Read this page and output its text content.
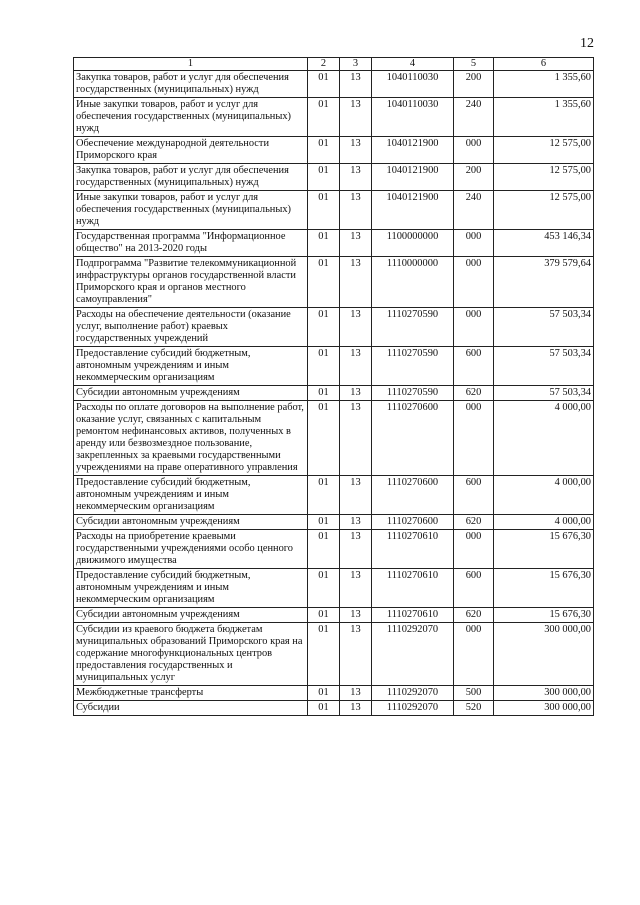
12
1	2	3	4	5	6
Закупка товаров, работ и услуг для обеспечения государственных (муниципальных) нужд	01	13	1040110030	200	1 355,60
Иные закупки товаров, работ и услуг для обеспечения государственных (муниципальных) нужд	01	13	1040110030	240	1 355,60
Обеспечение международной деятельности Приморского края	01	13	1040121900	000	12 575,00
Закупка товаров, работ и услуг для обеспечения государственных (муниципальных) нужд	01	13	1040121900	200	12 575,00
Иные закупки товаров, работ и услуг для обеспечения государственных (муниципальных) нужд	01	13	1040121900	240	12 575,00
Государственная программа "Информационное общество" на 2013-2020 годы	01	13	1100000000	000	453 146,34
Подпрограмма "Развитие телекоммуникационной инфраструктуры органов государственной власти Приморского края и органов местного самоуправления"	01	13	1110000000	000	379 579,64
Расходы на обеспечение деятельности (оказание услуг, выполнение работ) краевых государственных учреждений	01	13	1110270590	000	57 503,34
Предоставление субсидий бюджетным, автономным учреждениям и иным некоммерческим организациям	01	13	1110270590	600	57 503,34
Субсидии автономным учреждениям	01	13	1110270590	620	57 503,34
Расходы по оплате договоров на выполнение работ, оказание услуг, связанных с капитальным ремонтом нефинансовых активов, полученных в аренду или безвозмездное пользование, закрепленных за краевыми государственными учреждениями на праве оперативного управления	01	13	1110270600	000	4 000,00
Предоставление субсидий бюджетным, автономным учреждениям и иным некоммерческим организациям	01	13	1110270600	600	4 000,00
Субсидии автономным учреждениям	01	13	1110270600	620	4 000,00
Расходы на приобретение краевыми государственными учреждениями особо ценного движимого имущества	01	13	1110270610	000	15 676,30
Предоставление субсидий бюджетным, автономным учреждениям и иным некоммерческим организациям	01	13	1110270610	600	15 676,30
Субсидии автономным учреждениям	01	13	1110270610	620	15 676,30
Субсидии из краевого бюджета бюджетам муниципальных образований Приморского края на содержание многофункциональных центров предоставления государственных и муниципальных услуг	01	13	1110292070	000	300 000,00
Межбюджетные трансферты	01	13	1110292070	500	300 000,00
Субсидии	01	13	1110292070	520	300 000,00
